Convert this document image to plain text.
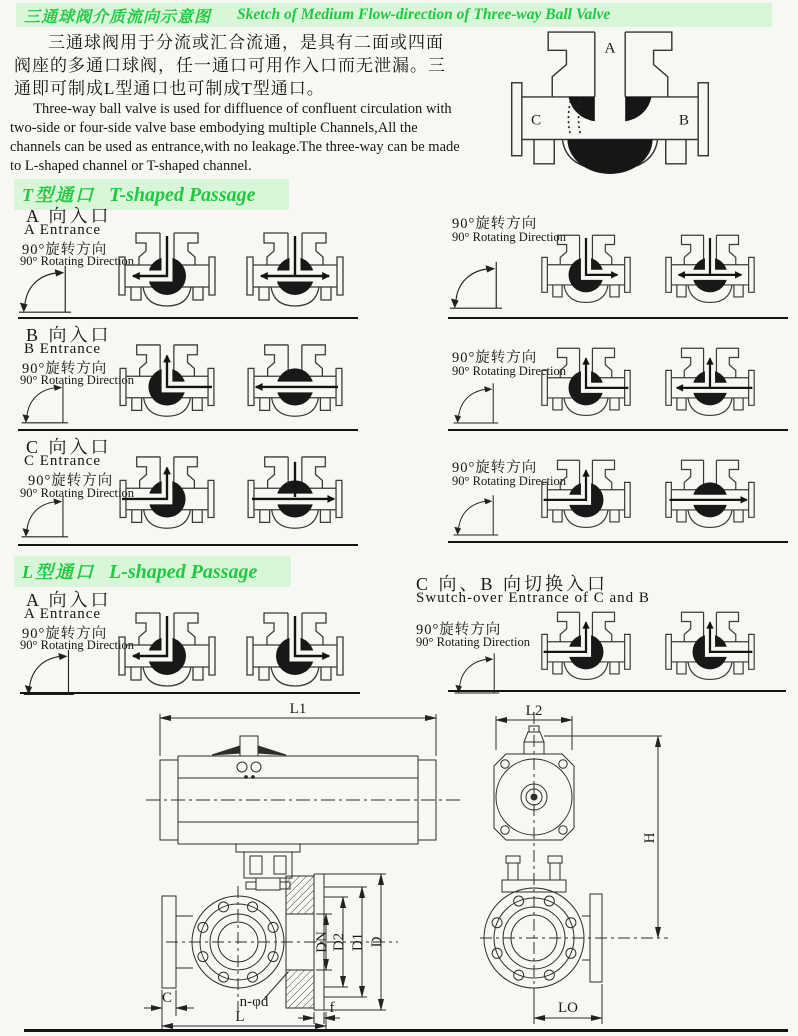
三通球阀介质流向示意图 Sketch of Medium Flow-direction of Three-way Ball Valve
三通球阀用于分流或汇合流通，是具有二面或四面阀座的多通口球阀，任一通口可用作入口而无泄漏。三通即可制成L型通口也可制成T型通口。
Three-way ball valve is used for diffluence of confluent circulation with two-side or four-side valve base embodying multiple Channels,All the channels can be used as entrance,with no leakage.The three-way can be made to L-shaped channel or T-shaped channel.
A
C	B
T型通口 T-shaped Passage
A 向入口
A Entrance
90°旋转方向
90° Rotating Direction
90°旋转方向
90° Rotating Direction
B 向入口
B Entrance
90°旋转方向
90° Rotating Direction
90°旋转方向
90° Rotating Direction
C 向入口
C Entrance
90°旋转方向
90° Rotating Direction
90°旋转方向
90° Rotating Direction
L型通口 L-shaped Passage
A 向入口
A Entrance
90°旋转方向
90° Rotating Direction
C 向、B 向切换入口
Swutch-over Entrance of C and B
90°旋转方向
90° Rotating Direction
L1
DN D2 D1 D
n-φd
C
f
L
L2
H
LO
